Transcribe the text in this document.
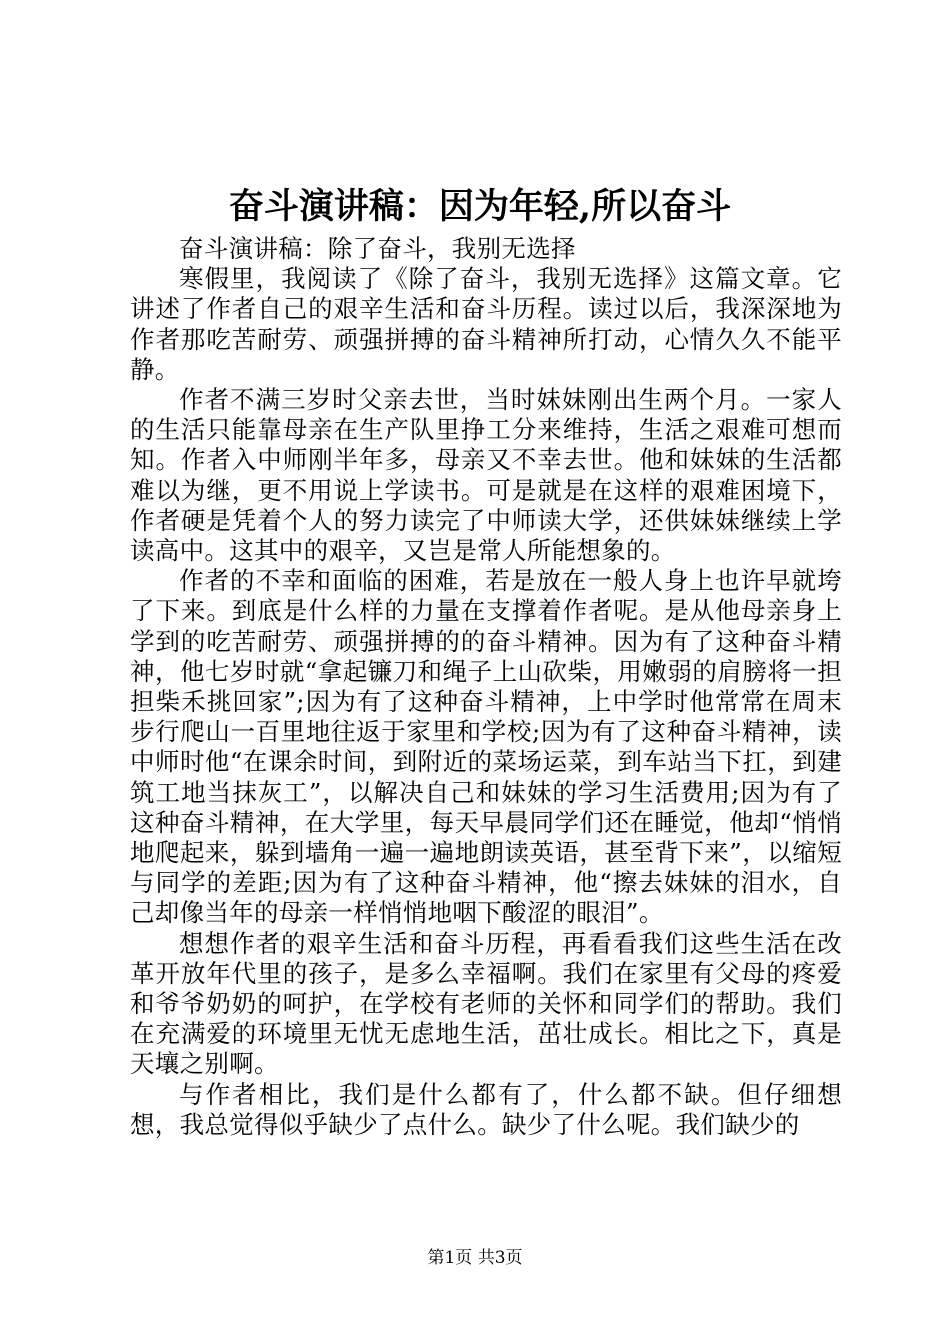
奋斗演讲稿：因为年轻,所以奋斗

奋斗演讲稿：除了奋斗，我别无选择

寒假里，我阅读了《除了奋斗，我别无选择》这篇文章。它讲述了作者自己的艰辛生活和奋斗历程。读过以后，我深深地为作者那吃苦耐劳、顽强拼搏的奋斗精神所打动，心情久久不能平静。

作者不满三岁时父亲去世，当时妹妹刚出生两个月。一家人的生活只能靠母亲在生产队里挣工分来维持，生活之艰难可想而知。作者入中师刚半年多，母亲又不幸去世。他和妹妹的生活都难以为继，更不用说上学读书。可是就是在这样的艰难困境下，作者硬是凭着个人的努力读完了中师读大学，还供妹妹继续上学读高中。这其中的艰辛，又岂是常人所能想象的。

作者的不幸和面临的困难，若是放在一般人身上也许早就垮了下来。到底是什么样的力量在支撑着作者呢。是从他母亲身上学到的吃苦耐劳、顽强拼搏的的奋斗精神。因为有了这种奋斗精神，他七岁时就“拿起镰刀和绳子上山砍柴，用嫩弱的肩膀将一担担柴禾挑回家”;因为有了这种奋斗精神，上中学时他常常在周末步行爬山一百里地往返于家里和学校;因为有了这种奋斗精神，读中师时他“在课余时间，到附近的菜场运菜，到车站当下扛，到建筑工地当抹灰工”，以解决自己和妹妹的学习生活费用;因为有了这种奋斗精神，在大学里，每天早晨同学们还在睡觉，他却“悄悄地爬起来，躲到墙角一遍一遍地朗读英语，甚至背下来”，以缩短与同学的差距;因为有了这种奋斗精神，他“擦去妹妹的泪水，自己却像当年的母亲一样悄悄地咽下酸涩的眼泪”。

想想作者的艰辛生活和奋斗历程，再看看我们这些生活在改革开放年代里的孩子，是多么幸福啊。我们在家里有父母的疼爱和爷爷奶奶的呵护，在学校有老师的关怀和同学们的帮助。我们在充满爱的环境里无忧无虑地生活，茁壮成长。相比之下，真是天壤之别啊。

与作者相比，我们是什么都有了，什么都不缺。但仔细想想，我总觉得似乎缺少了点什么。缺少了什么呢。我们缺少的

第1页 共3页
